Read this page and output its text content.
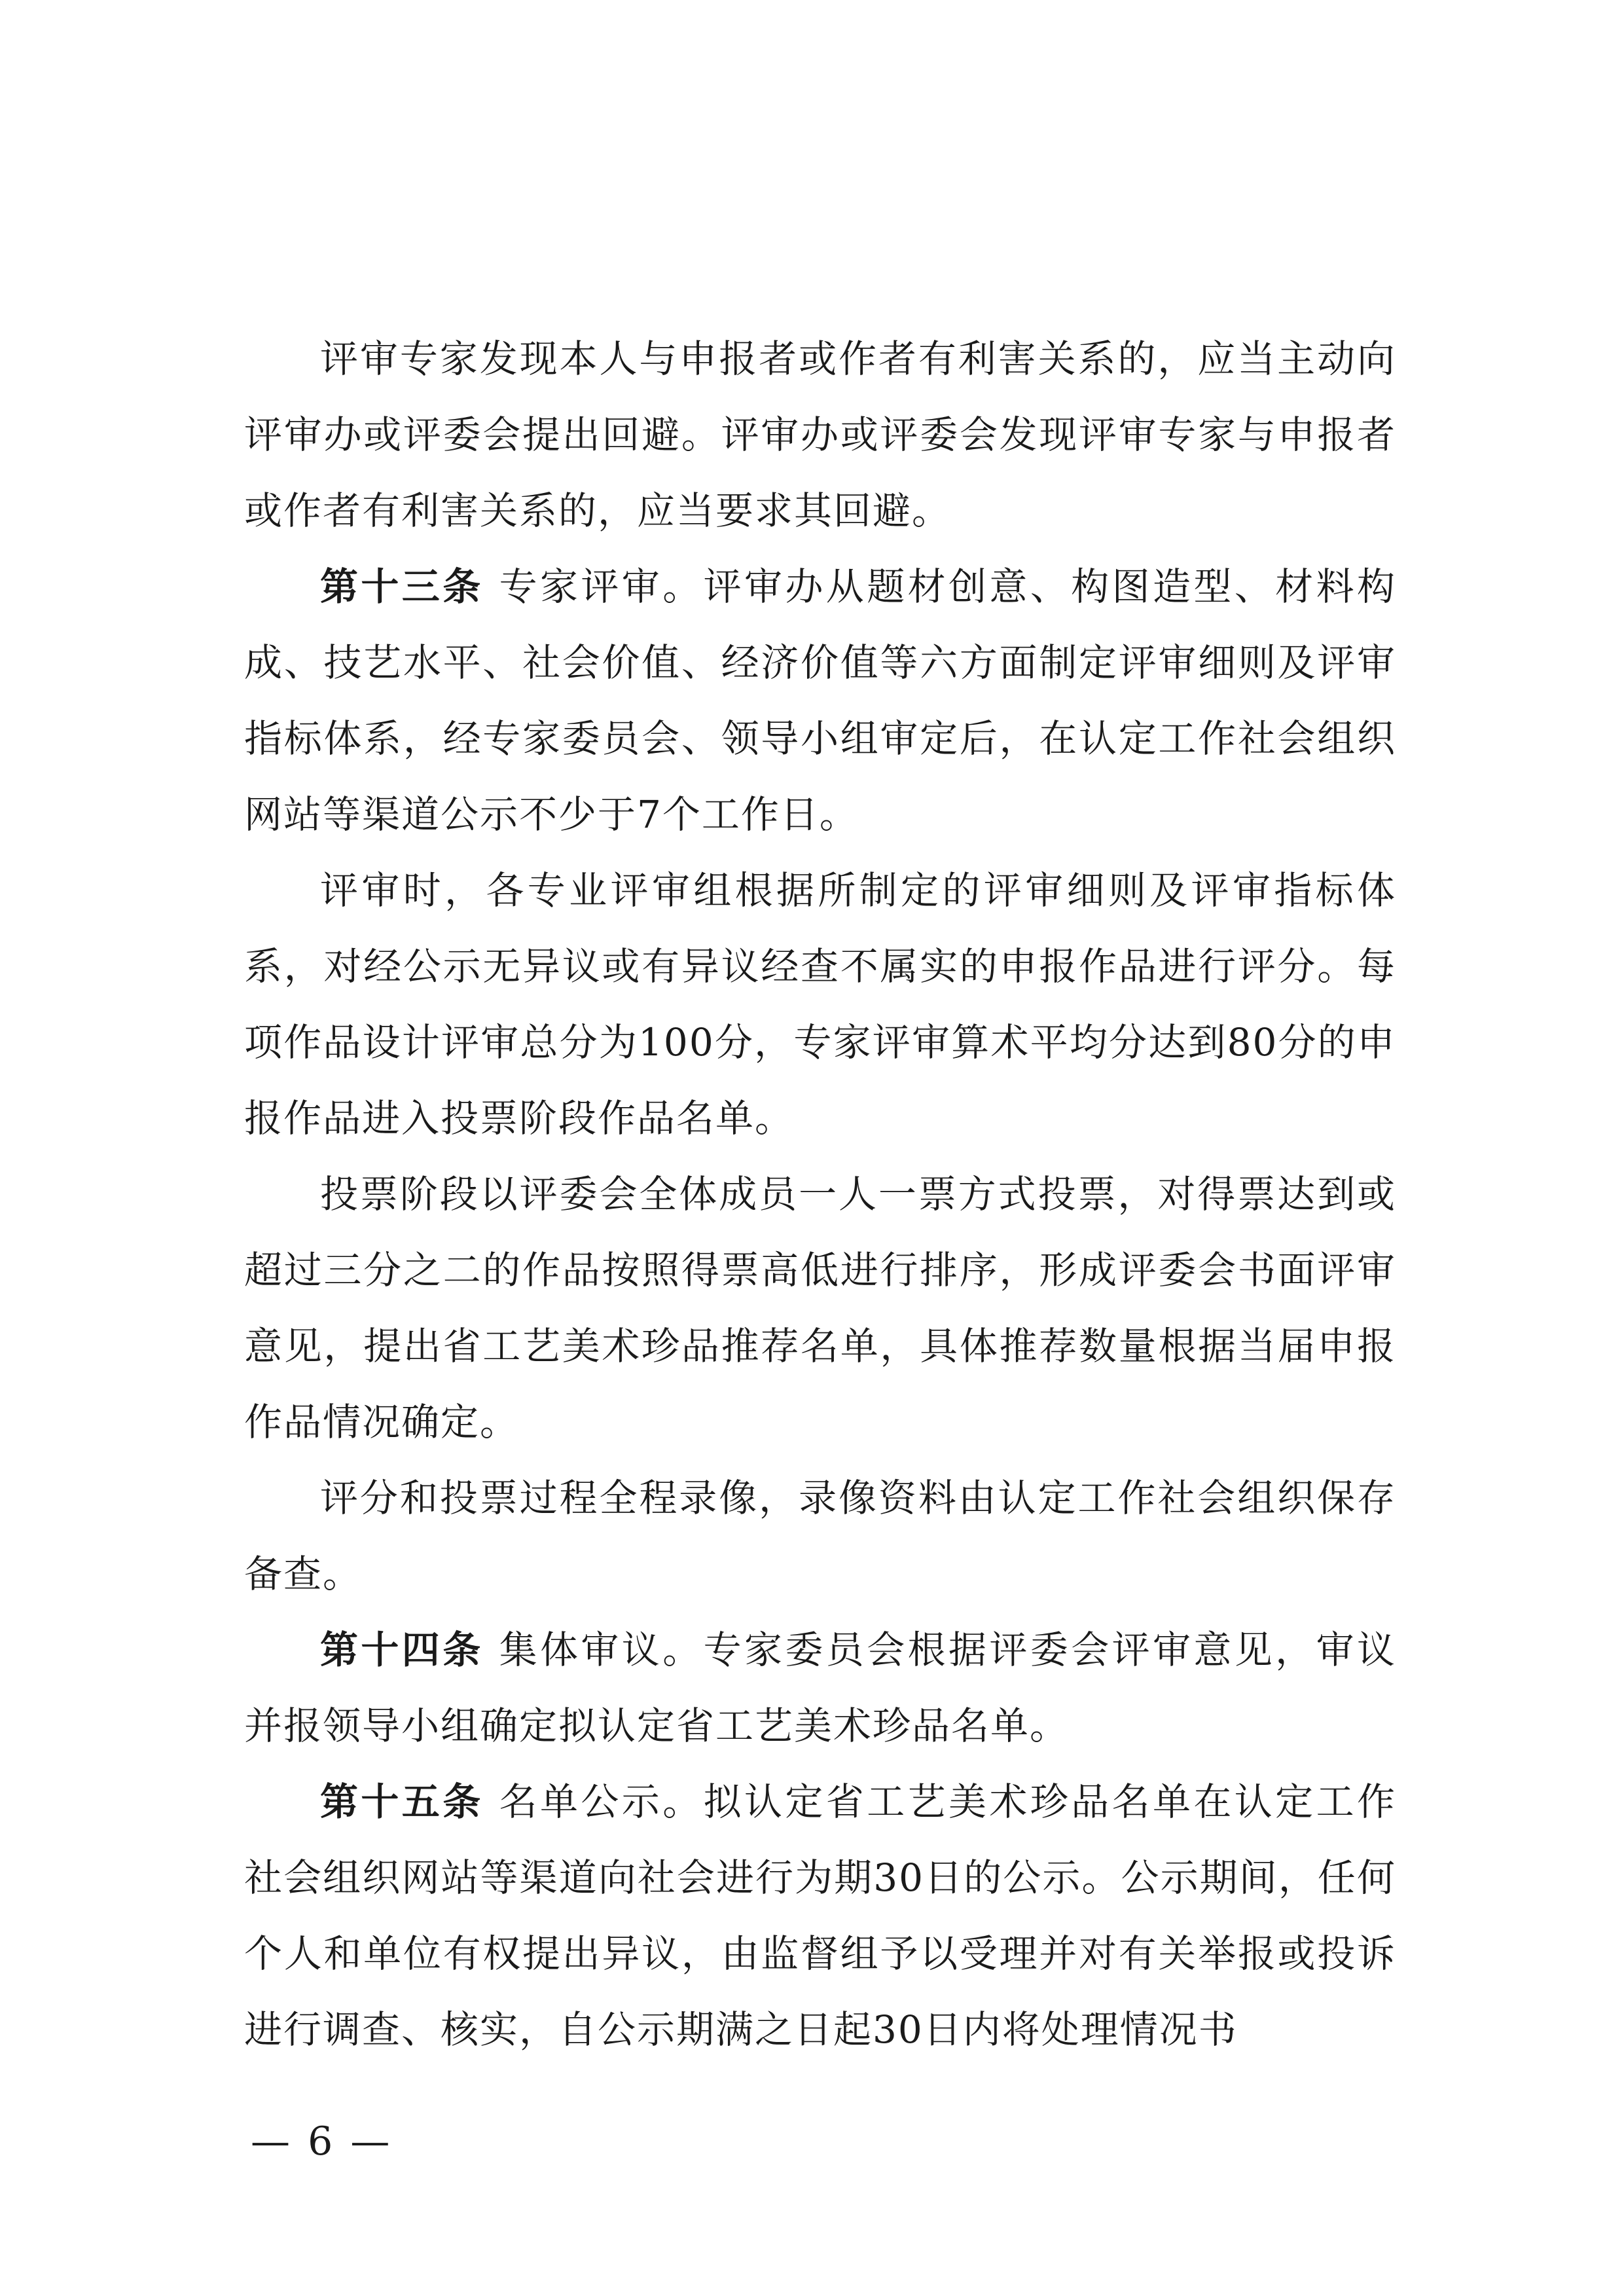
评审专家发现本人与申报者或作者有利害关系的，应当主动向评审办或评委会提出回避。评审办或评委会发现评审专家与申报者或作者有利害关系的，应当要求其回避。

第十三条 专家评审。评审办从题材创意、构图造型、材料构成、技艺水平、社会价值、经济价值等六方面制定评审细则及评审指标体系，经专家委员会、领导小组审定后，在认定工作社会组织网站等渠道公示不少于7个工作日。

评审时，各专业评审组根据所制定的评审细则及评审指标体系，对经公示无异议或有异议经查不属实的申报作品进行评分。每项作品设计评审总分为100分，专家评审算术平均分达到80分的申报作品进入投票阶段作品名单。

投票阶段以评委会全体成员一人一票方式投票，对得票达到或超过三分之二的作品按照得票高低进行排序，形成评委会书面评审意见，提出省工艺美术珍品推荐名单，具体推荐数量根据当届申报作品情况确定。

评分和投票过程全程录像，录像资料由认定工作社会组织保存备查。

第十四条 集体审议。专家委员会根据评委会评审意见，审议并报领导小组确定拟认定省工艺美术珍品名单。

第十五条 名单公示。拟认定省工艺美术珍品名单在认定工作社会组织网站等渠道向社会进行为期30日的公示。公示期间，任何个人和单位有权提出异议，由监督组予以受理并对有关举报或投诉进行调查、核实，自公示期满之日起30日内将处理情况书

— 6 —
